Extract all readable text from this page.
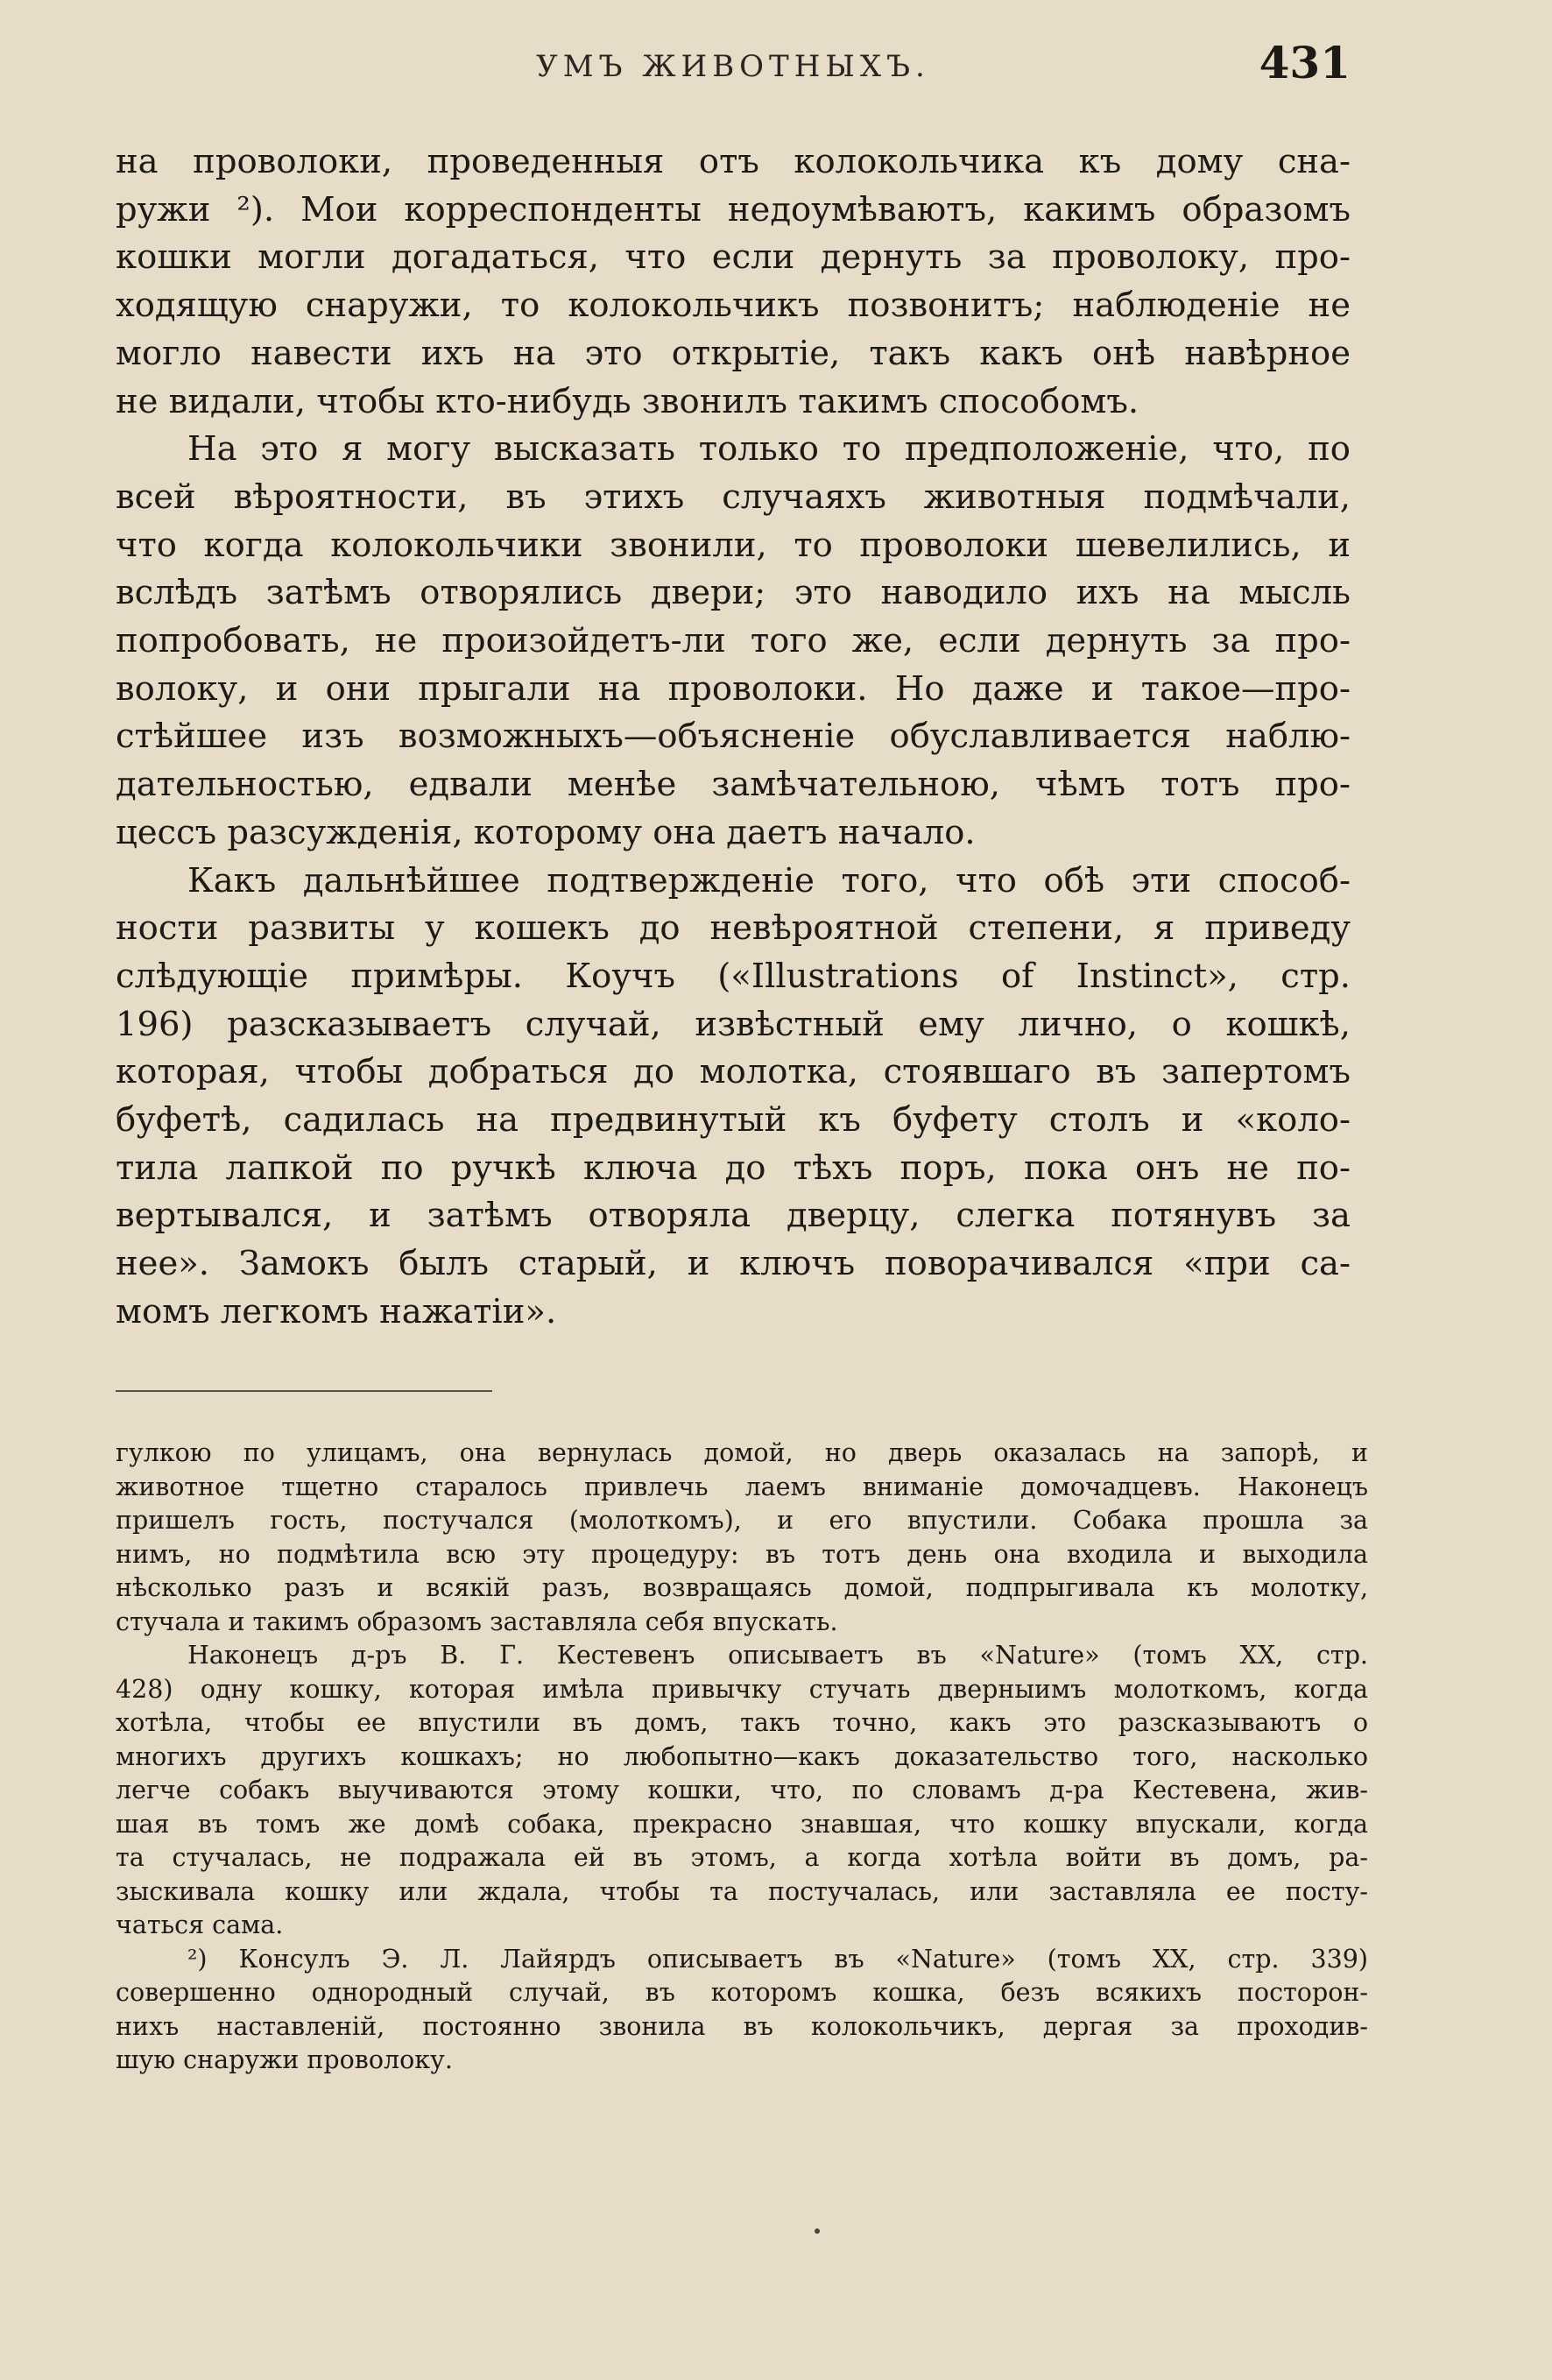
УМЪ ЖИВОТНЫХЪ.	431

на проволоки, проведенныя отъ колокольчика къ дому сна-

ружи ²). Мои корреспонденты недоумѣваютъ, какимъ образомъ

кошки могли догадаться, что если дернуть за проволоку, про-

ходящую снаружи, то колокольчикъ позвонитъ; наблюденіе не

могло навести ихъ на это открытіе, такъ какъ онѣ навѣрное

не видали, чтобы кто-нибудь звонилъ такимъ способомъ.

На это я могу высказать только то предположеніе, что, по

всей вѣроятности, въ этихъ случаяхъ животныя подмѣчали,

что когда колокольчики звонили, то проволоки шевелились, и

вслѣдъ затѣмъ отворялись двери; это наводило ихъ на мысль

попробовать, не произойдетъ-ли того же, если дернуть за про-

волоку, и они прыгали на проволоки. Но даже и такое—про-

стѣйшее изъ возможныхъ—объясненіе обуславливается наблю-

дательностью, едвали менѣе замѣчательною, чѣмъ тотъ про-

цессъ разсужденія, которому она даетъ начало.

Какъ дальнѣйшее подтвержденіе того, что обѣ эти способ-

ности развиты у кошекъ до невѣроятной степени, я приведу

слѣдующіе примѣры. Коучъ («Illustrations of Instinct», стр.

196) разсказываетъ случай, извѣстный ему лично, о кошкѣ,

которая, чтобы добраться до молотка, стоявшаго въ запертомъ

буфетѣ, садилась на предвинутый къ буфету столъ и «коло-

тила лапкой по ручкѣ ключа до тѣхъ поръ, пока онъ не по-

вертывался, и затѣмъ отворяла дверцу, слегка потянувъ за

нее». Замокъ былъ старый, и ключъ поворачивался «при са-

момъ легкомъ нажатіи».

гулкою по улицамъ, она вернулась домой, но дверь оказалась на запорѣ, и

животное тщетно старалось привлечь лаемъ вниманіе домочадцевъ. Наконецъ

пришелъ гость, постучался (молоткомъ), и его впустили. Собака прошла за

нимъ, но подмѣтила всю эту процедуру: въ тотъ день она входила и выходила

нѣсколько разъ и всякій разъ, возвращаясь домой, подпрыгивала къ молотку,

стучала и такимъ образомъ заставляла себя впускать.

Наконецъ д-ръ В. Г. Кестевенъ описываетъ въ «Nature» (томъ XX, стр.

428) одну кошку, которая имѣла привычку стучать дверныимъ молоткомъ, когда

хотѣла, чтобы ее впустили въ домъ, такъ точно, какъ это разсказываютъ о

многихъ другихъ кошкахъ; но любопытно—какъ доказательство того, насколько

легче собакъ выучиваются этому кошки, что, по словамъ д-ра Кестевена, жив-

шая въ томъ же домѣ собака, прекрасно знавшая, что кошку впускали, когда

та стучалась, не подражала ей въ этомъ, а когда хотѣла войти въ домъ, ра-

зыскивала кошку или ждала, чтобы та постучалась, или заставляла ее посту-

чаться сама.

²) Консулъ Э. Л. Лайярдъ описываетъ въ «Nature» (томъ XX, стр. 339)

совершенно однородный случай, въ которомъ кошка, безъ всякихъ посторон-

нихъ наставленій, постоянно звонила въ колокольчикъ, дергая за проходив-

шую снаружи проволоку.
